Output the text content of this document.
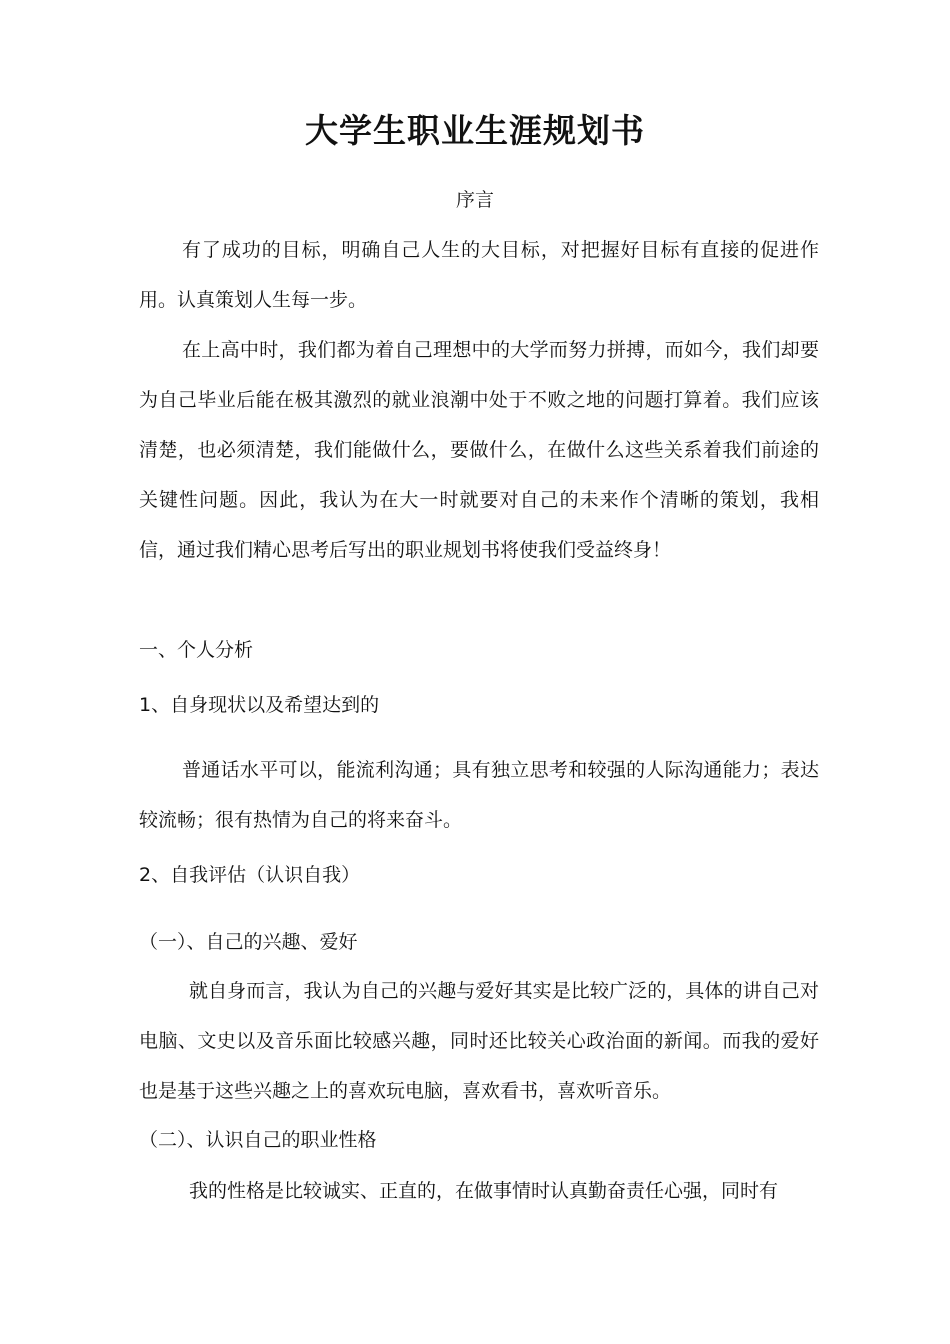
大学生职业生涯规划书

序言

有了成功的目标，明确自己人生的大目标，对把握好目标有直接的促进作用。认真策划人生每一步。

在上高中时，我们都为着自己理想中的大学而努力拼搏，而如今，我们却要为自己毕业后能在极其激烈的就业浪潮中处于不败之地的问题打算着。我们应该清楚，也必须清楚，我们能做什么，要做什么，在做什么这些关系着我们前途的关键性问题。因此，我认为在大一时就要对自己的未来作个清晰的策划，我相信，通过我们精心思考后写出的职业规划书将使我们受益终身！

一、个人分析

1、自身现状以及希望达到的

普通话水平可以，能流利沟通；具有独立思考和较强的人际沟通能力；表达较流畅；很有热情为自己的将来奋斗。

2、自我评估（认识自我）

（一）、自己的兴趣、爱好

就自身而言，我认为自己的兴趣与爱好其实是比较广泛的，具体的讲自己对电脑、文史以及音乐面比较感兴趣，同时还比较关心政治面的新闻。而我的爱好也是基于这些兴趣之上的喜欢玩电脑，喜欢看书，喜欢听音乐。

（二）、认识自己的职业性格

我的性格是比较诚实、正直的，在做事情时认真勤奋责任心强，同时有
